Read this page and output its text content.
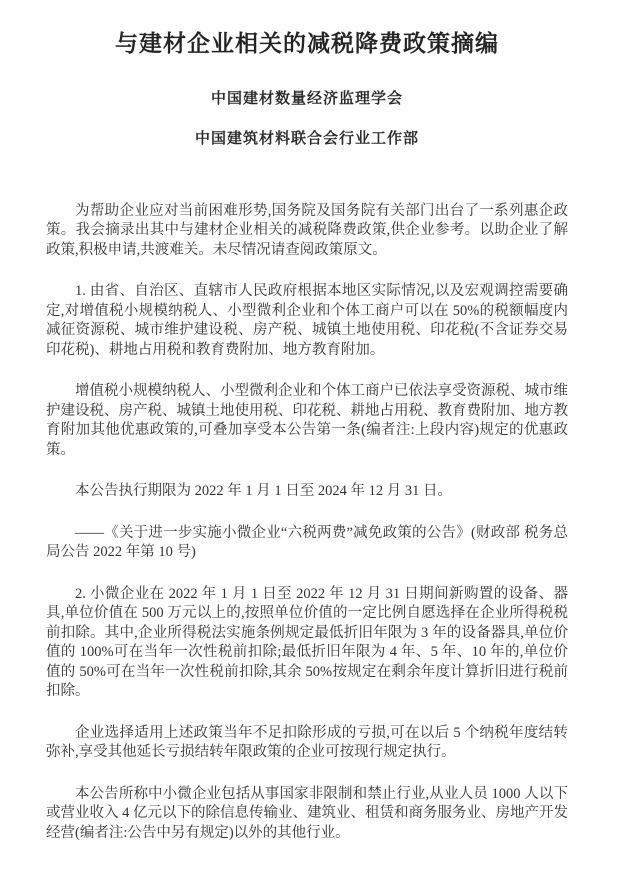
与建材企业相关的减税降费政策摘编
中国建材数量经济监理学会
中国建筑材料联合会行业工作部

为帮助企业应对当前困难形势,国务院及国务院有关部门出台了一系列惠企政策。我会摘录出其中与建材企业相关的减税降费政策,供企业参考。以助企业了解政策,积极申请,共渡难关。未尽情况请查阅政策原文。

1. 由省、自治区、直辖市人民政府根据本地区实际情况,以及宏观调控需要确定,对增值税小规模纳税人、小型微利企业和个体工商户可以在 50%的税额幅度内减征资源税、城市维护建设税、房产税、城镇土地使用税、印花税(不含证券交易印花税)、耕地占用税和教育费附加、地方教育附加。

增值税小规模纳税人、小型微利企业和个体工商户已依法享受资源税、城市维护建设税、房产税、城镇土地使用税、印花税、耕地占用税、教育费附加、地方教育附加其他优惠政策的,可叠加享受本公告第一条(编者注:上段内容)规定的优惠政策。

本公告执行期限为 2022 年 1 月 1 日至 2024 年 12 月 31 日。

——《关于进一步实施小微企业“六税两费”减免政策的公告》(财政部 税务总局公告 2022 年第 10 号)

2. 小微企业在 2022 年 1 月 1 日至 2022 年 12 月 31 日期间新购置的设备、器具,单位价值在 500 万元以上的,按照单位价值的一定比例自愿选择在企业所得税税前扣除。其中,企业所得税法实施条例规定最低折旧年限为 3 年的设备器具,单位价值的 100%可在当年一次性税前扣除;最低折旧年限为 4 年、5 年、10 年的,单位价值的 50%可在当年一次性税前扣除,其余 50%按规定在剩余年度计算折旧进行税前扣除。

企业选择适用上述政策当年不足扣除形成的亏损,可在以后 5 个纳税年度结转弥补,享受其他延长亏损结转年限政策的企业可按现行规定执行。

本公告所称中小微企业包括从事国家非限制和禁止行业,从业人员 1000 人以下或营业收入 4 亿元以下的除信息传输业、建筑业、租赁和商务服务业、房地产开发经营(编者注:公告中另有规定)以外的其他行业。
